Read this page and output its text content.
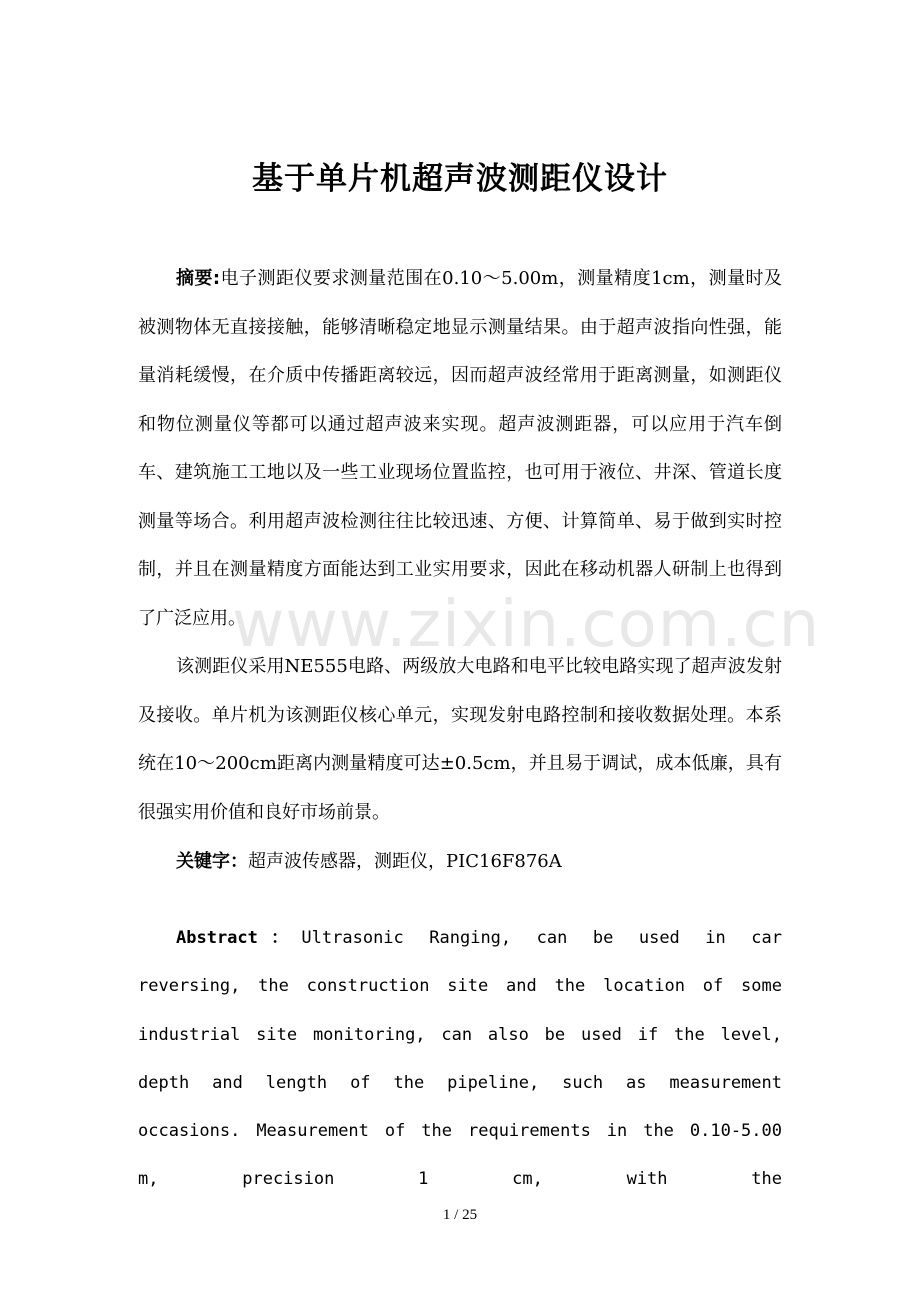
基于单片机超声波测距仪设计

摘要:电子测距仪要求测量范围在0.10～5.00m，测量精度1cm，测量时及被测物体无直接接触，能够清晰稳定地显示测量结果。由于超声波指向性强，能量消耗缓慢，在介质中传播距离较远，因而超声波经常用于距离测量，如测距仪和物位测量仪等都可以通过超声波来实现。超声波测距器，可以应用于汽车倒车、建筑施工工地以及一些工业现场位置监控，也可用于液位、井深、管道长度测量等场合。利用超声波检测往往比较迅速、方便、计算简单、易于做到实时控制，并且在测量精度方面能达到工业实用要求，因此在移动机器人研制上也得到了广泛应用。

该测距仪采用NE555电路、两级放大电路和电平比较电路实现了超声波发射及接收。单片机为该测距仪核心单元，实现发射电路控制和接收数据处理。本系统在10～200cm距离内测量精度可达±0.5cm，并且易于调试，成本低廉，具有很强实用价值和良好市场前景。

关键字：超声波传感器，测距仪，PIC16F876A

Abstract：Ultrasonic Ranging, can be used in car reversing, the construction site and the location of some industrial site monitoring, can also be used if the level, depth and length of the pipeline, such as measurement occasions. Measurement of the requirements in the 0.10-5.00 m, precision 1 cm, with the

www.zixin.com.cn
1 / 25
